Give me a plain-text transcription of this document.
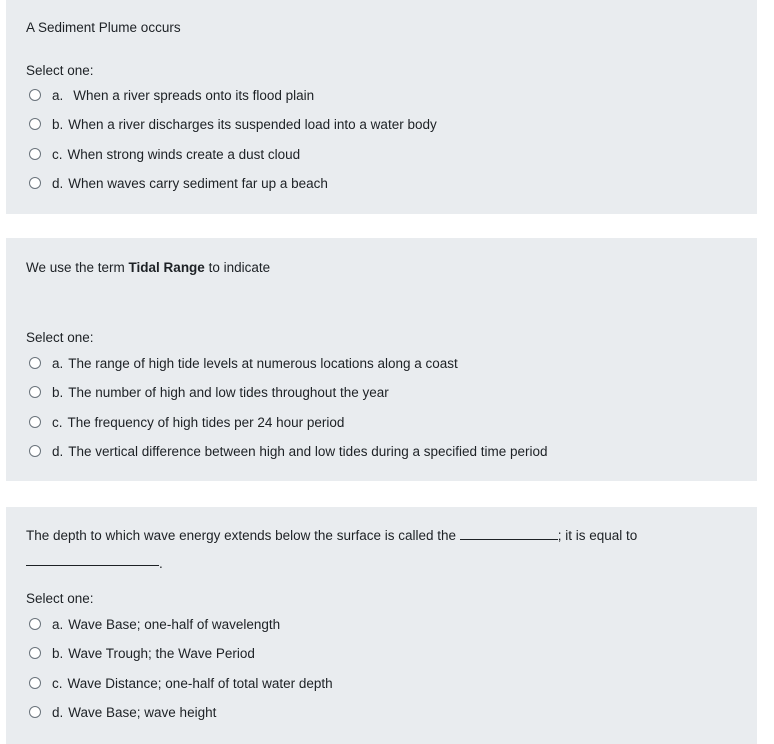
A Sediment Plume occurs
Select one:
a. When a river spreads onto its flood plain
b. When a river discharges its suspended load into a water body
c. When strong winds create a dust cloud
d. When waves carry sediment far up a beach
We use the term Tidal Range to indicate
Select one:
a. The range of high tide levels at numerous locations along a coast
b. The number of high and low tides throughout the year
c. The frequency of high tides per 24 hour period
d. The vertical difference between high and low tides during a specified time period
The depth to which wave energy extends below the surface is called the	; it is equal to
.
Select one:
a. Wave Base; one-half of wavelength
b. Wave Trough; the Wave Period
c. Wave Distance; one-half of total water depth
d. Wave Base; wave height
